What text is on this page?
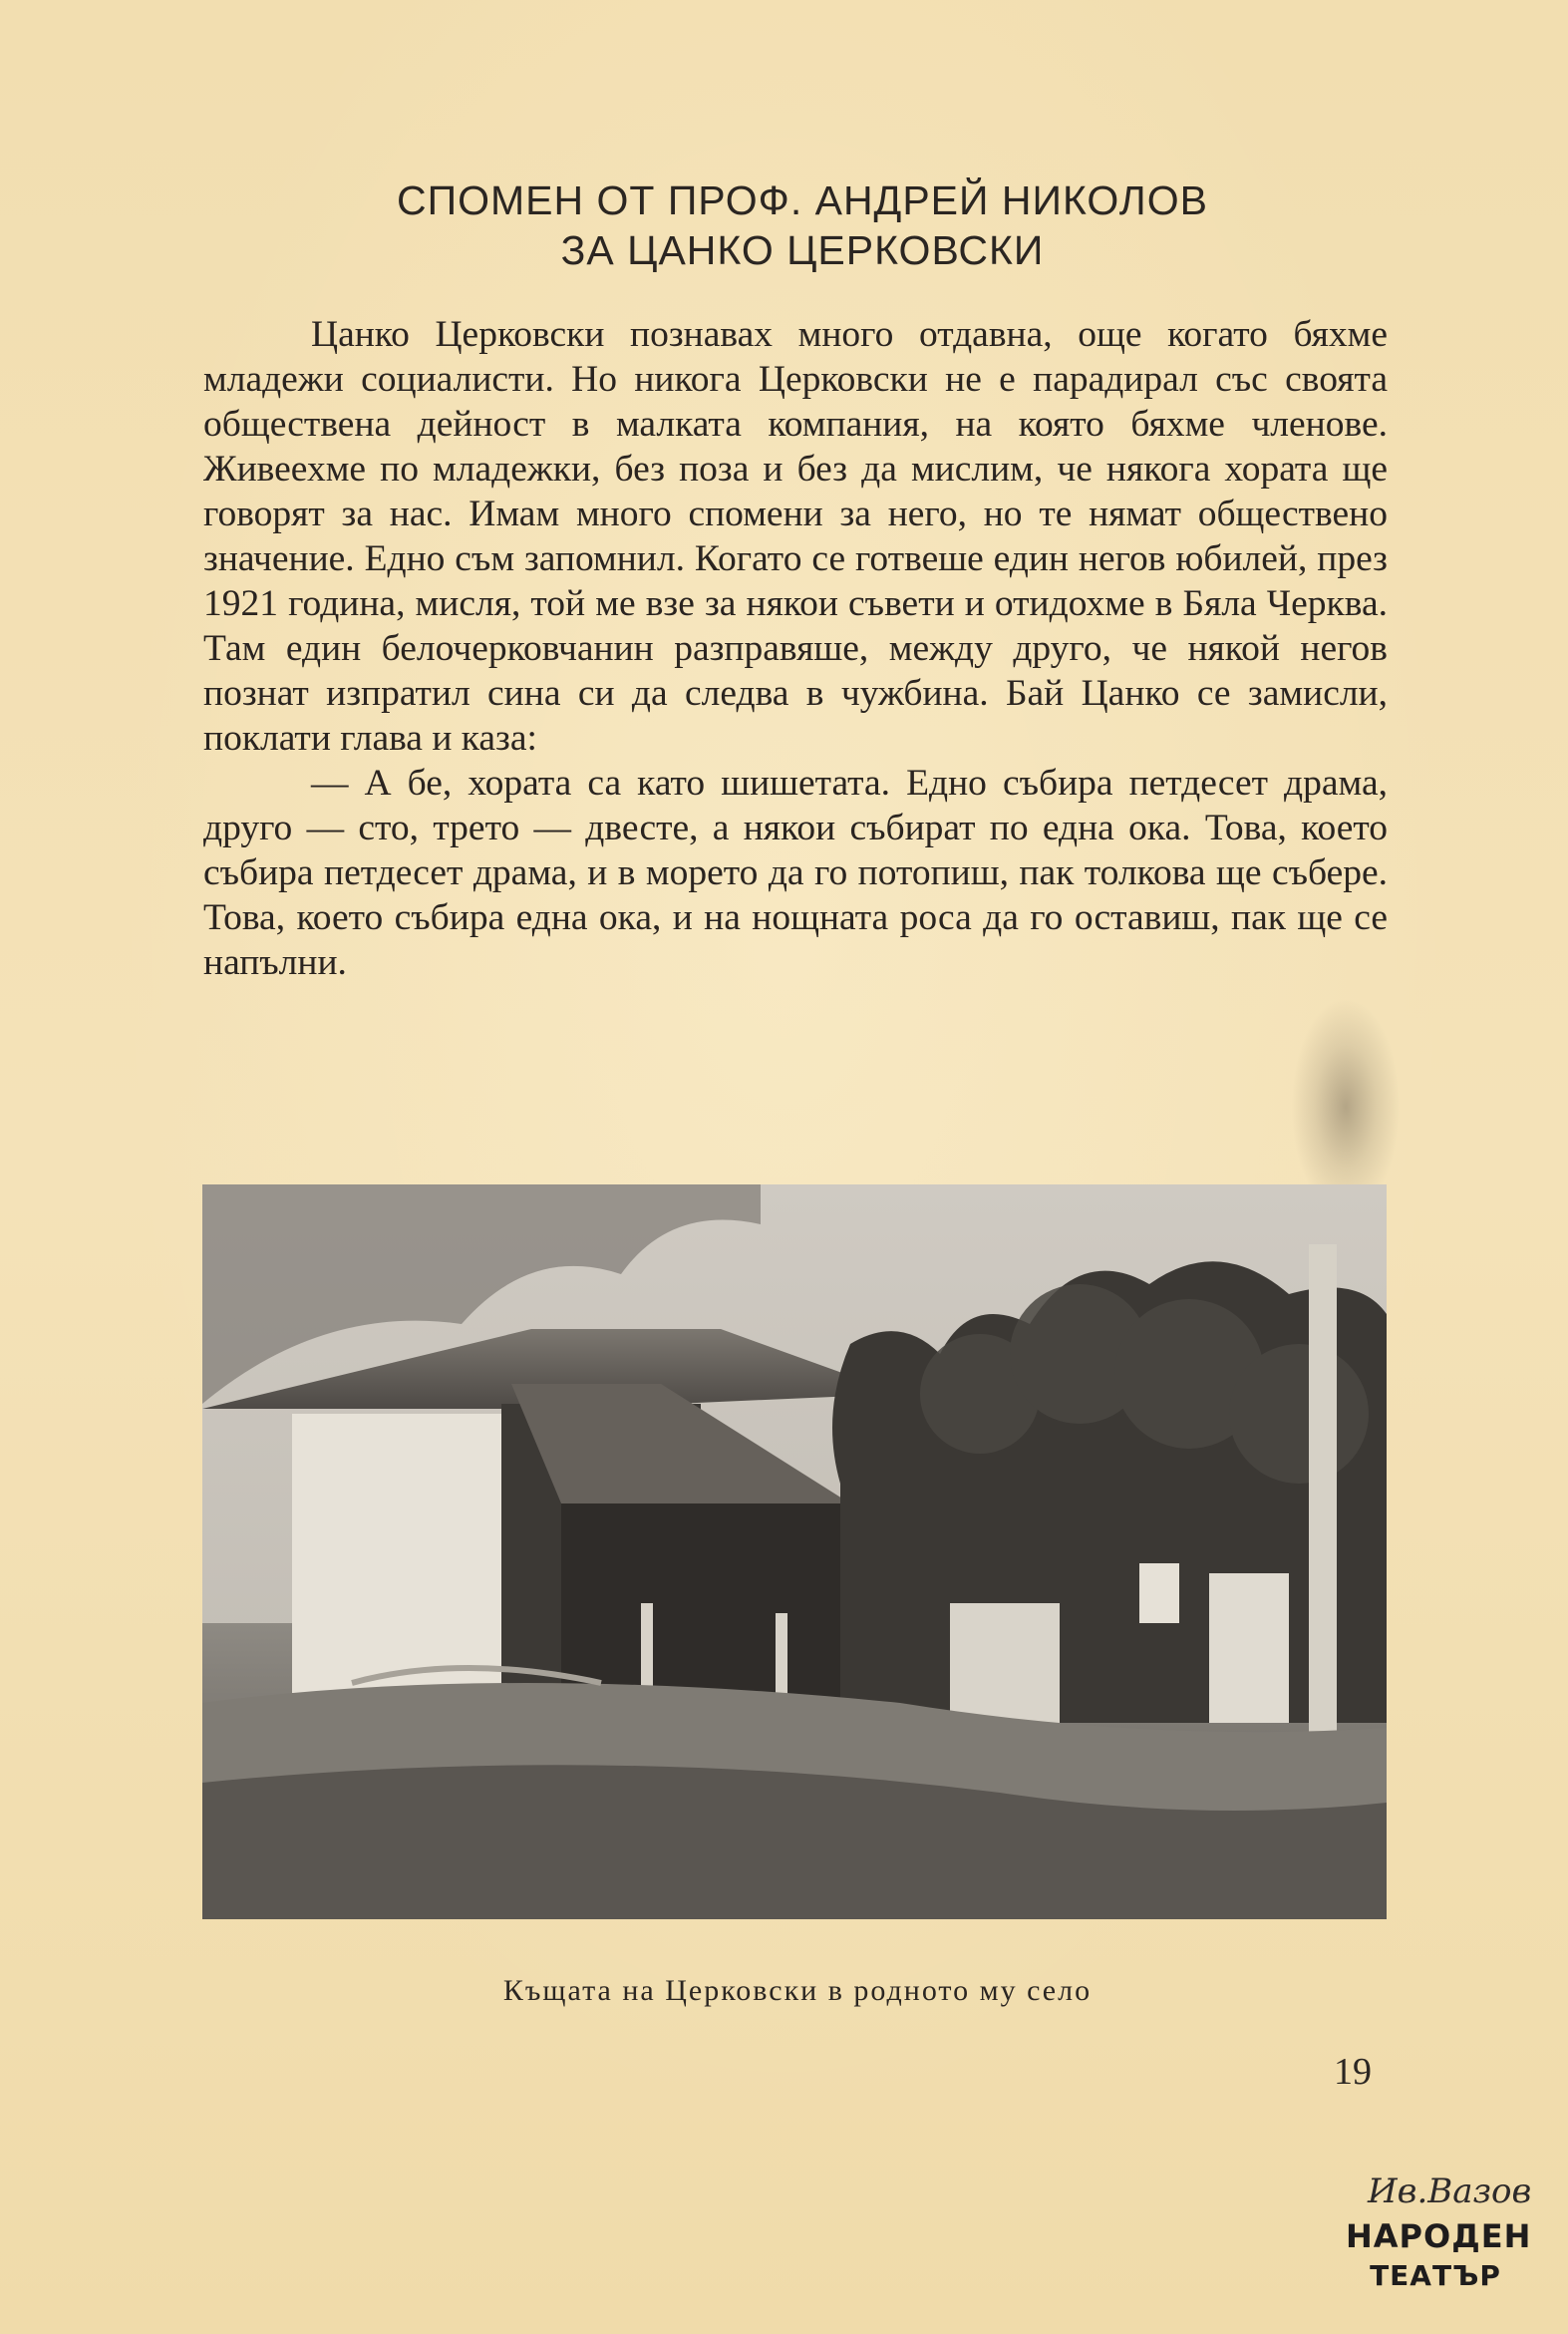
СПОМЕН ОТ ПРОФ. АНДРЕЙ НИКОЛОВ
ЗА ЦАНКО ЦЕРКОВСКИ

Цанко Церковски познавах много отдавна, още когато бяхме младежи социалисти. Но никога Церковски не е парадирал със своята обществена дейност в малката компания, на която бяхме членове. Живеехме по младежки, без поза и без да мислим, че някога хората ще говорят за нас. Имам много спомени за него, но те нямат обществено значение. Едно съм запомнил. Когато се готвеше един негов юбилей, през 1921 година, мисля, той ме взе за някои съвети и отидохме в Бяла Черква. Там един белочерковчанин разправяше, между друго, че някой негов познат изпратил сина си да следва в чужбина. Бай Цанко се замисли, поклати глава и каза:

— А бе, хората са като шишетата. Едно събира петдесет драма, друго — сто, трето — двесте, а някои събират по една ока. Това, което събира петдесет драма, и в морето да го потопиш, пак толкова ще събере. Това, което събира една ока, и на нощната роса да го оставиш, пак ще се напълни.

Къщата на Церковски в родното му село
19
Ив.Вазов
НАРОДЕН
ТЕАТЪР
